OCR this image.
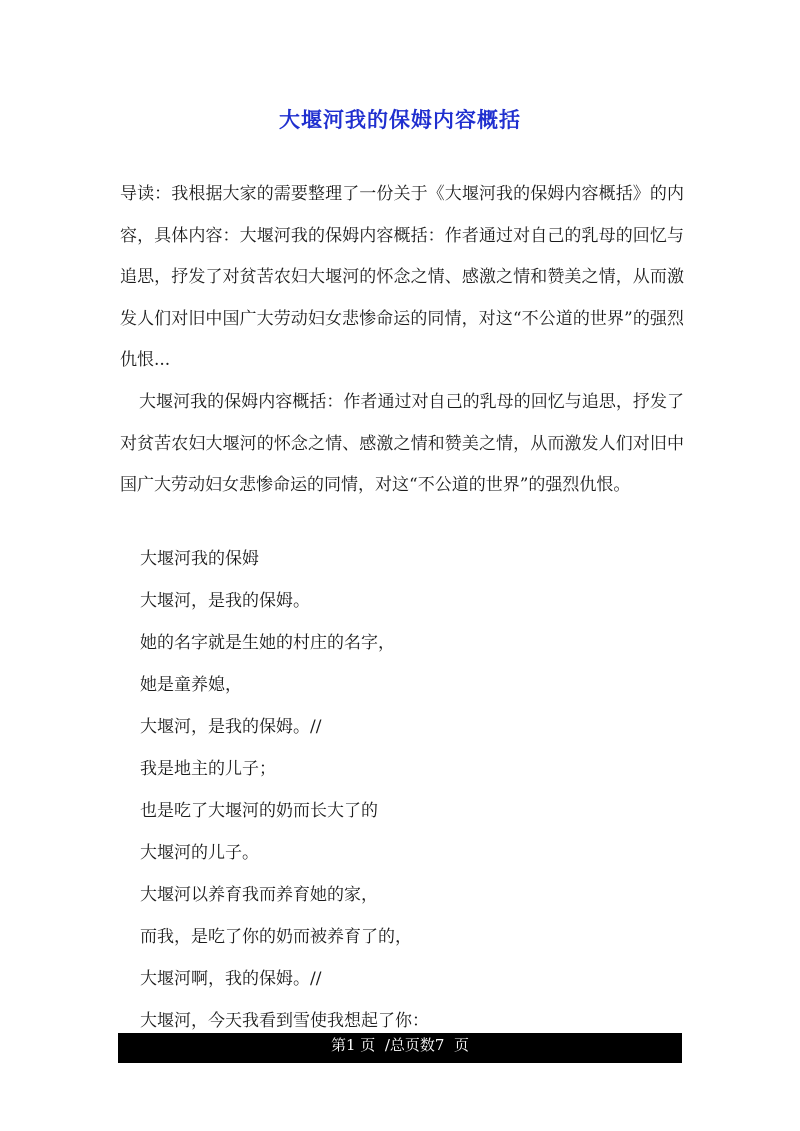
大堰河我的保姆内容概括

导读：我根据大家的需要整理了一份关于《大堰河我的保姆内容概括》的内容，具体内容：大堰河我的保姆内容概括：作者通过对自己的乳母的回忆与追思，抒发了对贫苦农妇大堰河的怀念之情、感激之情和赞美之情，从而激发人们对旧中国广大劳动妇女悲惨命运的同情，对这“不公道的世界”的强烈仇恨...

大堰河我的保姆内容概括：作者通过对自己的乳母的回忆与追思，抒发了对贫苦农妇大堰河的怀念之情、感激之情和赞美之情，从而激发人们对旧中国广大劳动妇女悲惨命运的同情，对这“不公道的世界”的强烈仇恨。

大堰河我的保姆
大堰河，是我的保姆。
她的名字就是生她的村庄的名字，
她是童养媳，
大堰河，是我的保姆。//
我是地主的儿子；
也是吃了大堰河的奶而长大了的
大堰河的儿子。
大堰河以养育我而养育她的家，
而我，是吃了你的奶而被养育了的，
大堰河啊，我的保姆。//
大堰河，今天我看到雪使我想起了你：
第1 页  /总页数7  页
